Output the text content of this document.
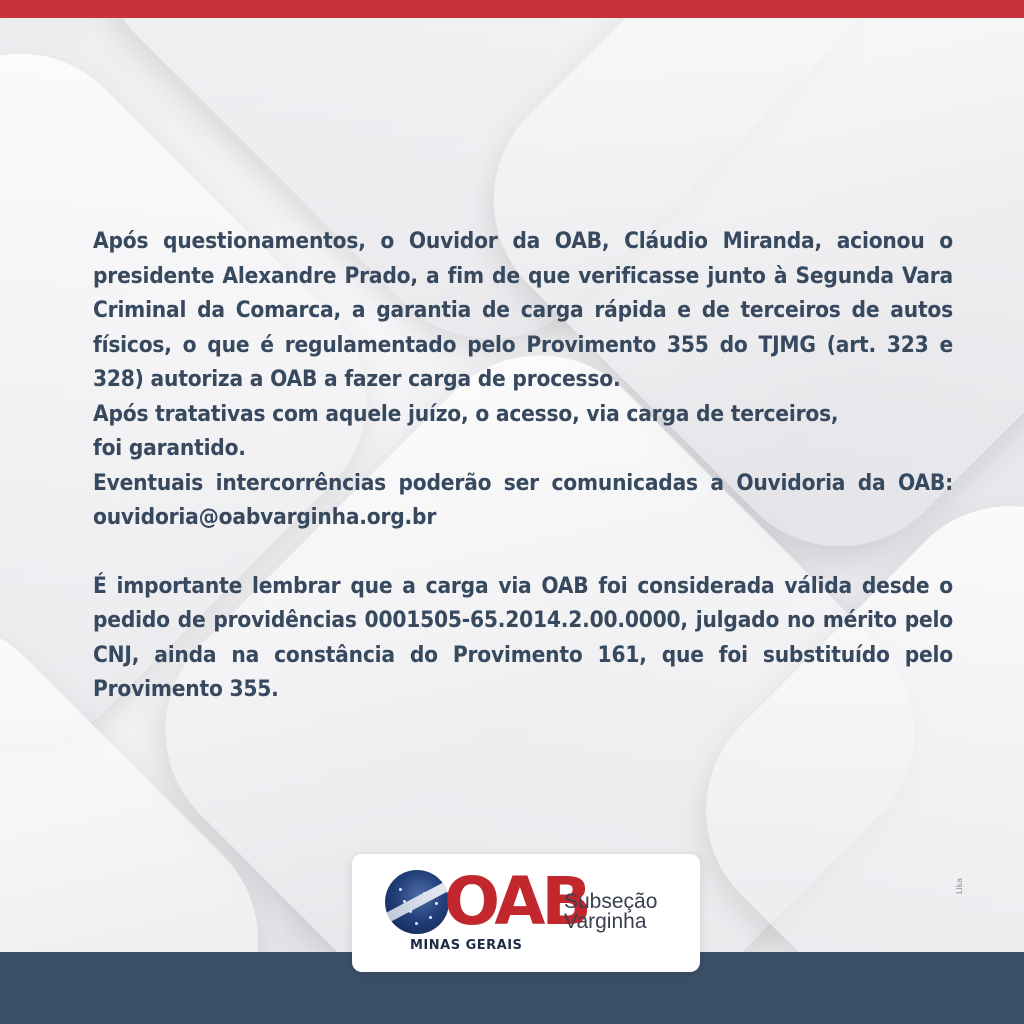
Após questionamentos, o Ouvidor da OAB, Cláudio Miranda, acionou o presidente Alexandre Prado, a fim de que verificasse junto à Segunda Vara Criminal da Comarca, a garantia de carga rápida e de terceiros de autos físicos, o que é regulamentado pelo Provimento 355 do TJMG (art. 323 e 328) autoriza a OAB a fazer carga de processo.

Após tratativas com aquele juízo, o acesso, via carga de terceiros,

foi garantido.

Eventuais intercorrências poderão ser comunicadas a Ouvidoria da OAB: ouvidoria@oabvarginha.org.br

É importante lembrar que a carga via OAB foi considerada válida desde o pedido de providências 0001505-65.2014.2.00.0000, julgado no mérito pelo CNJ, ainda na constância do Provimento 161, que foi substituído pelo Provimento 355.

OAB
MINAS GERAIS
Subseção
Varginha
Lika
